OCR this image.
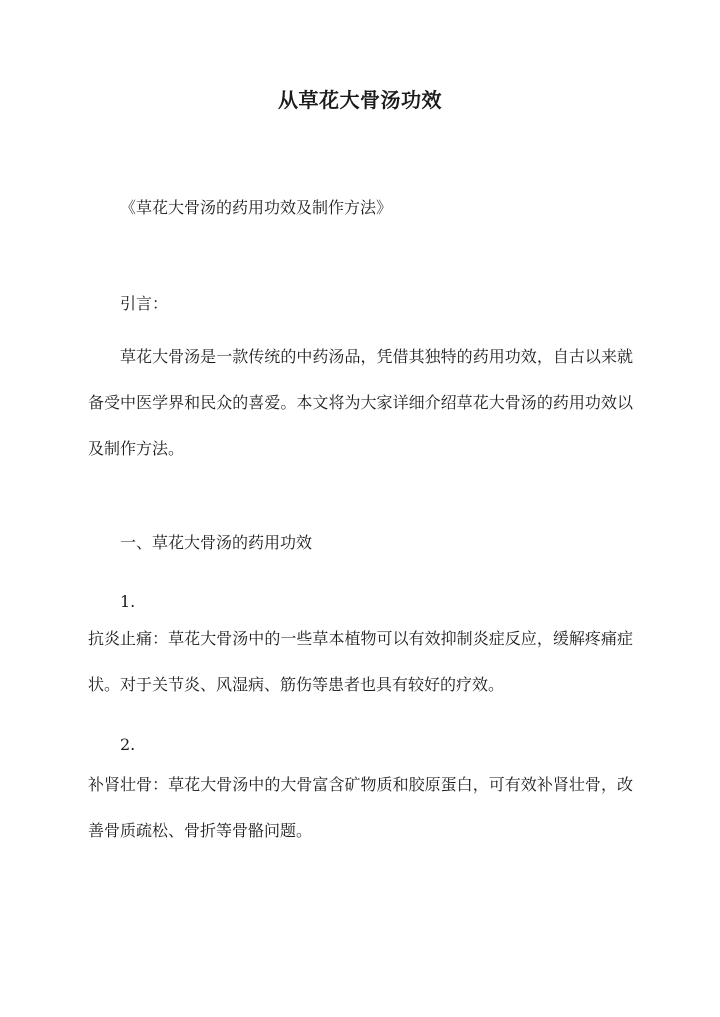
从草花大骨汤功效
《草花大骨汤的药用功效及制作方法》
引言：
草花大骨汤是一款传统的中药汤品，凭借其独特的药用功效，自古以来就备受中医学界和民众的喜爱。本文将为大家详细介绍草花大骨汤的药用功效以及制作方法。
一、草花大骨汤的药用功效
1.
抗炎止痛：草花大骨汤中的一些草本植物可以有效抑制炎症反应，缓解疼痛症状。对于关节炎、风湿病、筋伤等患者也具有较好的疗效。
2.
补肾壮骨：草花大骨汤中的大骨富含矿物质和胶原蛋白，可有效补肾壮骨，改善骨质疏松、骨折等骨骼问题。
